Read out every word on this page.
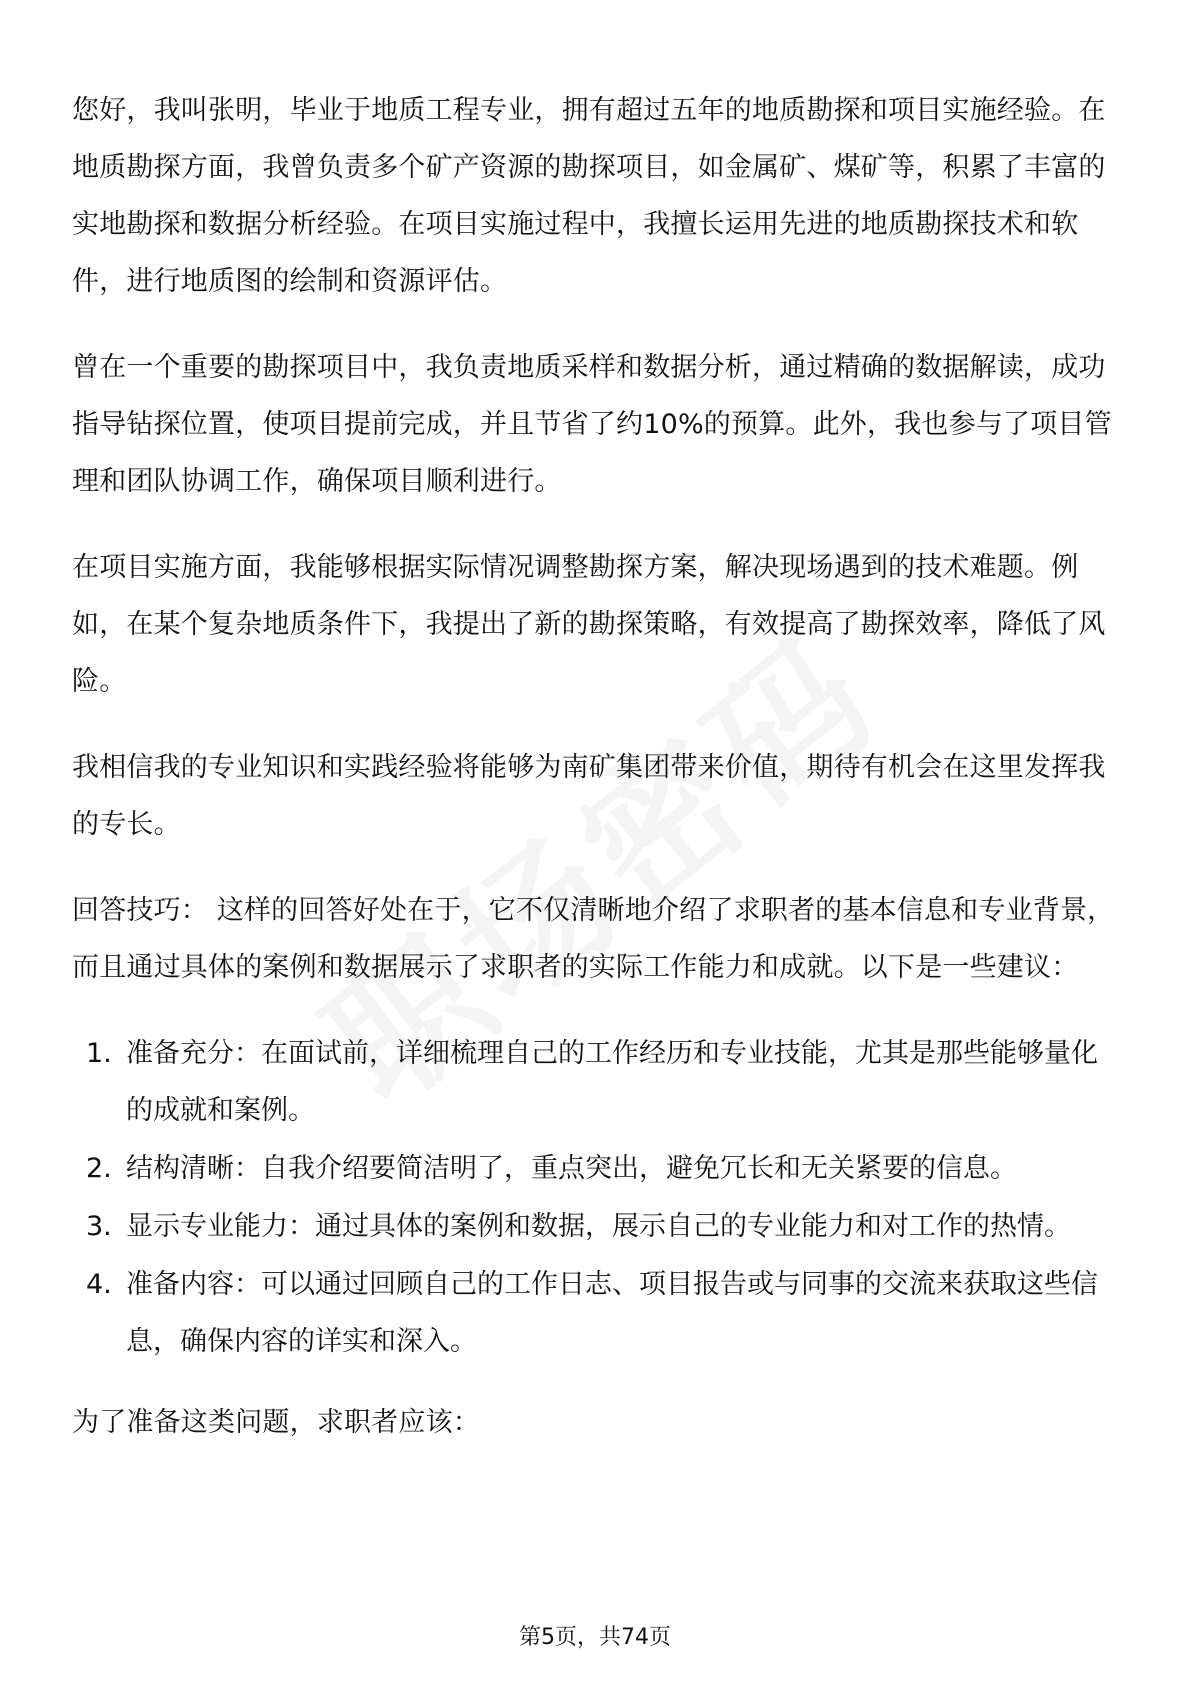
您好，我叫张明，毕业于地质工程专业，拥有超过五年的地质勘探和项目实施经验。在地质勘探方面，我曾负责多个矿产资源的勘探项目，如金属矿、煤矿等，积累了丰富的实地勘探和数据分析经验。在项目实施过程中，我擅长运用先进的地质勘探技术和软件，进行地质图的绘制和资源评估。

曾在一个重要的勘探项目中，我负责地质采样和数据分析，通过精确的数据解读，成功指导钻探位置，使项目提前完成，并且节省了约10%的预算。此外，我也参与了项目管理和团队协调工作，确保项目顺利进行。

在项目实施方面，我能够根据实际情况调整勘探方案，解决现场遇到的技术难题。例如，在某个复杂地质条件下，我提出了新的勘探策略，有效提高了勘探效率，降低了风险。

我相信我的专业知识和实践经验将能够为南矿集团带来价值，期待有机会在这里发挥我的专长。

回答技巧： 这样的回答好处在于，它不仅清晰地介绍了求职者的基本信息和专业背景，而且通过具体的案例和数据展示了求职者的实际工作能力和成就。以下是一些建议：

1. 准备充分：在面试前，详细梳理自己的工作经历和专业技能，尤其是那些能够量化的成就和案例。
2. 结构清晰：自我介绍要简洁明了，重点突出，避免冗长和无关紧要的信息。
3. 显示专业能力：通过具体的案例和数据，展示自己的专业能力和对工作的热情。
4. 准备内容：可以通过回顾自己的工作日志、项目报告或与同事的交流来获取这些信息，确保内容的详实和深入。

为了准备这类问题，求职者应该：

第5页，共74页
